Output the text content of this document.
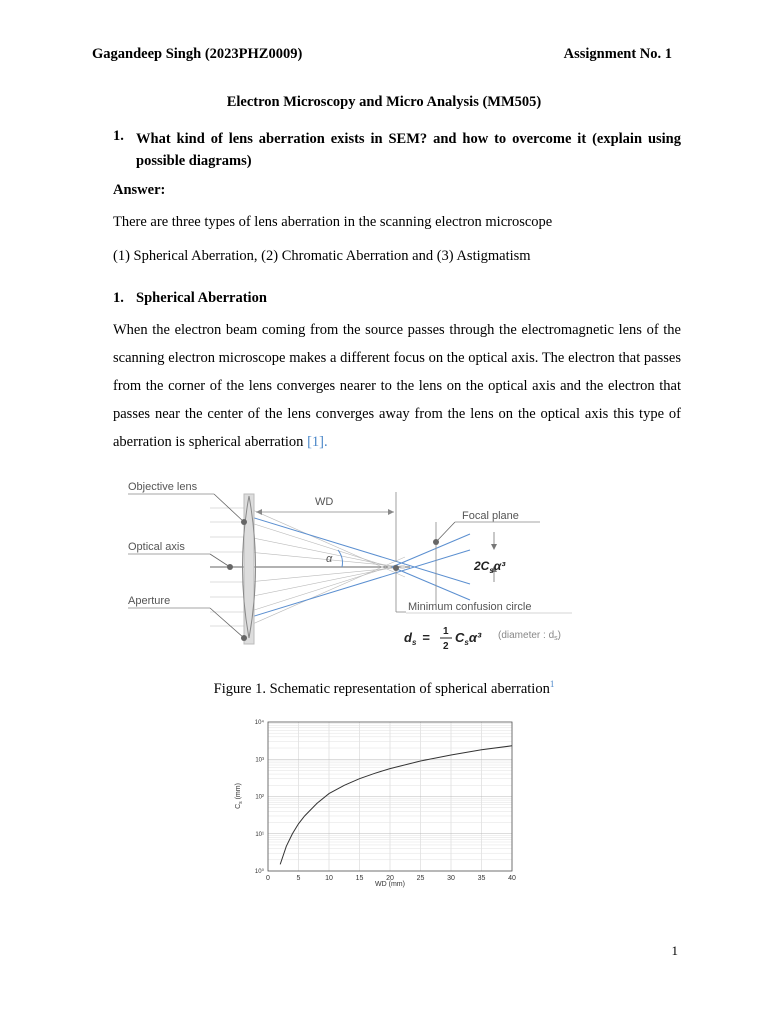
Gagandeep Singh (2023PHZ0009)	Assignment No. 1
Electron Microscopy and Micro Analysis (MM505)
1. What kind of lens aberration exists in SEM? and how to overcome it (explain using possible diagrams)
Answer:
There are three types of lens aberration in the scanning electron microscope
(1) Spherical Aberration, (2) Chromatic Aberration and (3) Astigmatism
1. Spherical Aberration
When the electron beam coming from the source passes through the electromagnetic lens of the scanning electron microscope makes a different focus on the optical axis. The electron that passes from the corner of the lens converges nearer to the lens on the optical axis and the electron that passes near the center of the lens converges away from the lens on the optical axis this type of aberration is spherical aberration [1].
Objective lens
Optical axis
Aperture
WD
α
Focal plane
$2C_s\alpha^3$
Minimum confusion circle
$d_s = 1$
2
$C_s\alpha^3$ (diameter : $d_s$)
Figure 1. Schematic representation of spherical aberration$^1$
0	5	10	15	20	25	30	35	40
10⁰
10¹
10²
10³
10⁴
WD (mm)
$C_s$ (mm)
1
